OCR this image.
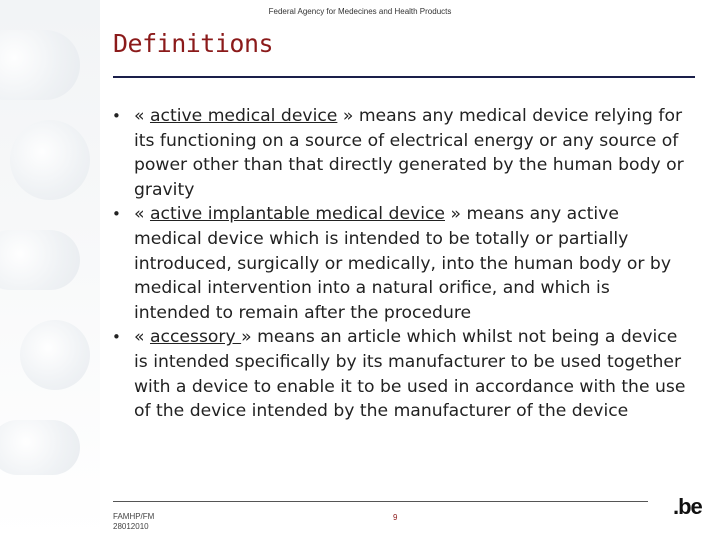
Federal Agency for Medecines and Health Products
Definitions
• « active medical device » means any medical device relying for its functioning on a source of electrical energy or any source of power other than that directly generated by the human body or gravity
• « active implantable medical device » means any active medical device which is intended to be totally or partially introduced, surgically or medically, into the human body or by medical intervention into a natural orifice, and which is intended to remain after the procedure
• « accessory » means an article which whilst not being a device is intended specifically by its manufacturer to be used together with a device to enable it to be used in accordance with the use of the device intended by the manufacturer of the device
FAMHP/FM
28012010
9	.be
